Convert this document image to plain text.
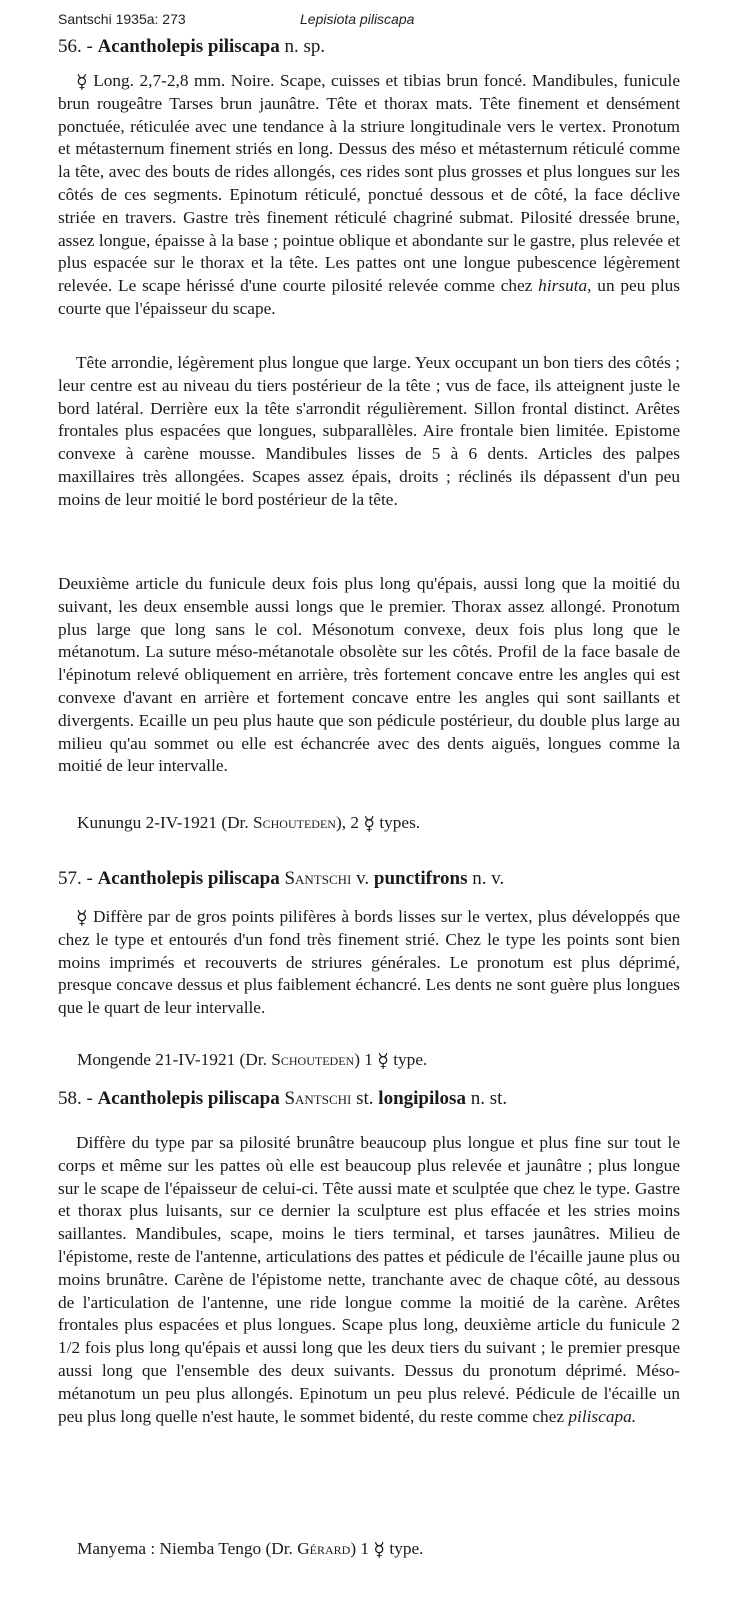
Santschi 1935a: 273	Lepisiota piliscapa
56. - Acantholepis piliscapa n. sp.
☿ Long. 2,7-2,8 mm. Noire. Scape, cuisses et tibias brun foncé. Mandibules, funicule brun rougeâtre Tarses brun jaunâtre. Tête et thorax mats. Tête finement et densément ponctuée, réticulée avec une tendance à la striure longitudinale vers le vertex. Pronotum et métasternum finement striés en long. Dessus des méso et métasternum réticulé comme la tête, avec des bouts de rides allongés, ces rides sont plus grosses et plus longues sur les côtés de ces segments. Epinotum réticulé, ponctué dessous et de côté, la face déclive striée en travers. Gastre très finement réticulé chagriné submat. Pilosité dressée brune, assez longue, épaisse à la base ; pointue oblique et abondante sur le gastre, plus relevée et plus espacée sur le thorax et la tête. Les pattes ont une longue pubescence légèrement relevée. Le scape hérissé d'une courte pilosité relevée comme chez hirsuta, un peu plus courte que l'épaisseur du scape.
Tête arrondie, légèrement plus longue que large. Yeux occupant un bon tiers des côtés ; leur centre est au niveau du tiers postérieur de la tête ; vus de face, ils atteignent juste le bord latéral. Derrière eux la tête s'arrondit régulièrement. Sillon frontal distinct. Arêtes frontales plus espacées que longues, subparallèles. Aire frontale bien limitée. Epistome convexe à carène mousse. Mandibules lisses de 5 à 6 dents. Articles des palpes maxillaires très allongées. Scapes assez épais, droits ; réclinés ils dépassent d'un peu moins de leur moitié le bord postérieur de la tête.
Deuxième article du funicule deux fois plus long qu'épais, aussi long que la moitié du suivant, les deux ensemble aussi longs que le premier. Thorax assez allongé. Pronotum plus large que long sans le col. Mésonotum convexe, deux fois plus long que le métanotum. La suture méso-métanotale obsolète sur les côtés. Profil de la face basale de l'épinotum relevé obliquement en arrière, très fortement concave entre les angles qui est convexe d'avant en arrière et fortement concave entre les angles qui sont saillants et divergents. Ecaille un peu plus haute que son pédicule postérieur, du double plus large au milieu qu'au sommet ou elle est échancrée avec des dents aiguës, longues comme la moitié de leur intervalle.
Kunungu 2-IV-1921 (Dr. Schouteden), 2 ☿ types.
57. - Acantholepis piliscapa Santschi v. punctifrons n. v.
☿ Diffère par de gros points pilifères à bords lisses sur le vertex, plus développés que chez le type et entourés d'un fond très finement strié. Chez le type les points sont bien moins imprimés et recouverts de striures générales. Le pronotum est plus déprimé, presque concave dessus et plus faiblement échancré. Les dents ne sont guère plus longues que le quart de leur intervalle.
Mongende 21-IV-1921 (Dr. Schouteden) 1 ☿ type.
58. - Acantholepis piliscapa Santschi st. longipilosa n. st.
Diffère du type par sa pilosité brunâtre beaucoup plus longue et plus fine sur tout le corps et même sur les pattes où elle est beaucoup plus relevée et jaunâtre ; plus longue sur le scape de l'épaisseur de celui-ci. Tête aussi mate et sculptée que chez le type. Gastre et thorax plus luisants, sur ce dernier la sculpture est plus effacée et les stries moins saillantes. Mandibules, scape, moins le tiers terminal, et tarses jaunâtres. Milieu de l'épistome, reste de l'antenne, articulations des pattes et pédicule de l'écaille jaune plus ou moins brunâtre. Carène de l'épistome nette, tranchante avec de chaque côté, au dessous de l'articulation de l'antenne, une ride longue comme la moitié de la carène. Arêtes frontales plus espacées et plus longues. Scape plus long, deuxième article du funicule 2 1/2 fois plus long qu'épais et aussi long que les deux tiers du suivant ; le premier presque aussi long que l'ensemble des deux suivants. Dessus du pronotum déprimé. Méso-métanotum un peu plus allongés. Epinotum un peu plus relevé. Pédicule de l'écaille un peu plus long quelle n'est haute, le sommet bidenté, du reste comme chez piliscapa.
Manyema : Niemba Tengo (Dr. Gérard) 1 ☿ type.
